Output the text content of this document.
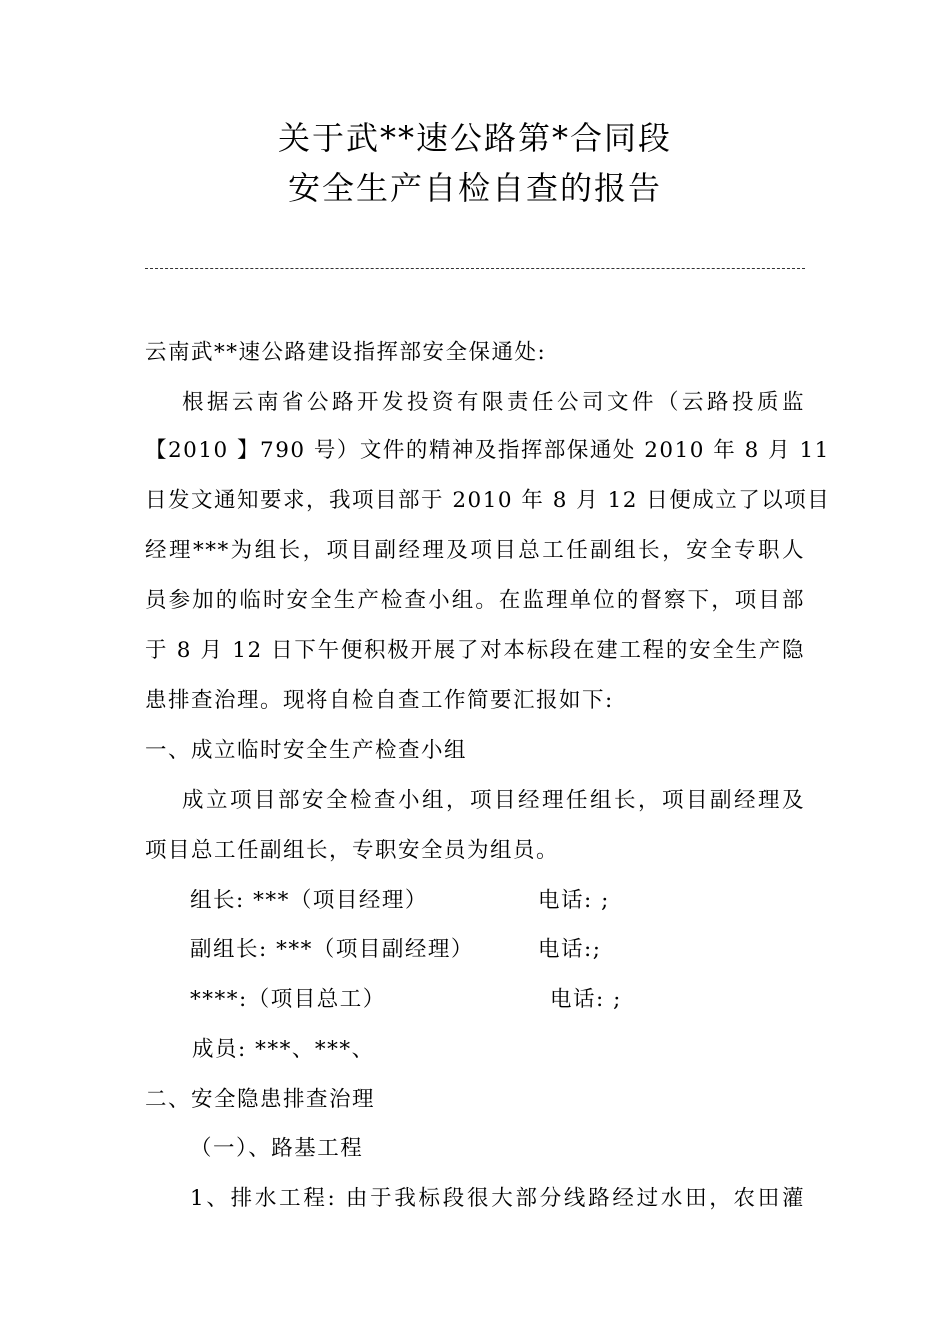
关于武**速公路第*合同段
安全生产自检自查的报告
云南武**速公路建设指挥部安全保通处:
根据云南省公路开发投资有限责任公司文件（云路投质监
【2010 】790 号）文件的精神及指挥部保通处 2010 年 8 月 11
日发文通知要求，我项目部于 2010 年 8 月 12 日便成立了以项目
经理***为组长，项目副经理及项目总工任副组长，安全专职人
员参加的临时安全生产检查小组。在监理单位的督察下，项目部
于 8 月 12 日下午便积极开展了对本标段在建工程的安全生产隐
患排查治理。现将自检自查工作简要汇报如下:
一、成立临时安全生产检查小组
成立项目部安全检查小组，项目经理任组长，项目副经理及
项目总工任副组长，专职安全员为组员。
组长: ***（项目经理）	电话: ;
副组长: ***（项目副经理）	电话:;
****:（项目总工）	电话: ;
成员: ***、***、
二、安全隐患排查治理
（一）、路基工程
1、排水工程: 由于我标段很大部分线路经过水田，农田灌
